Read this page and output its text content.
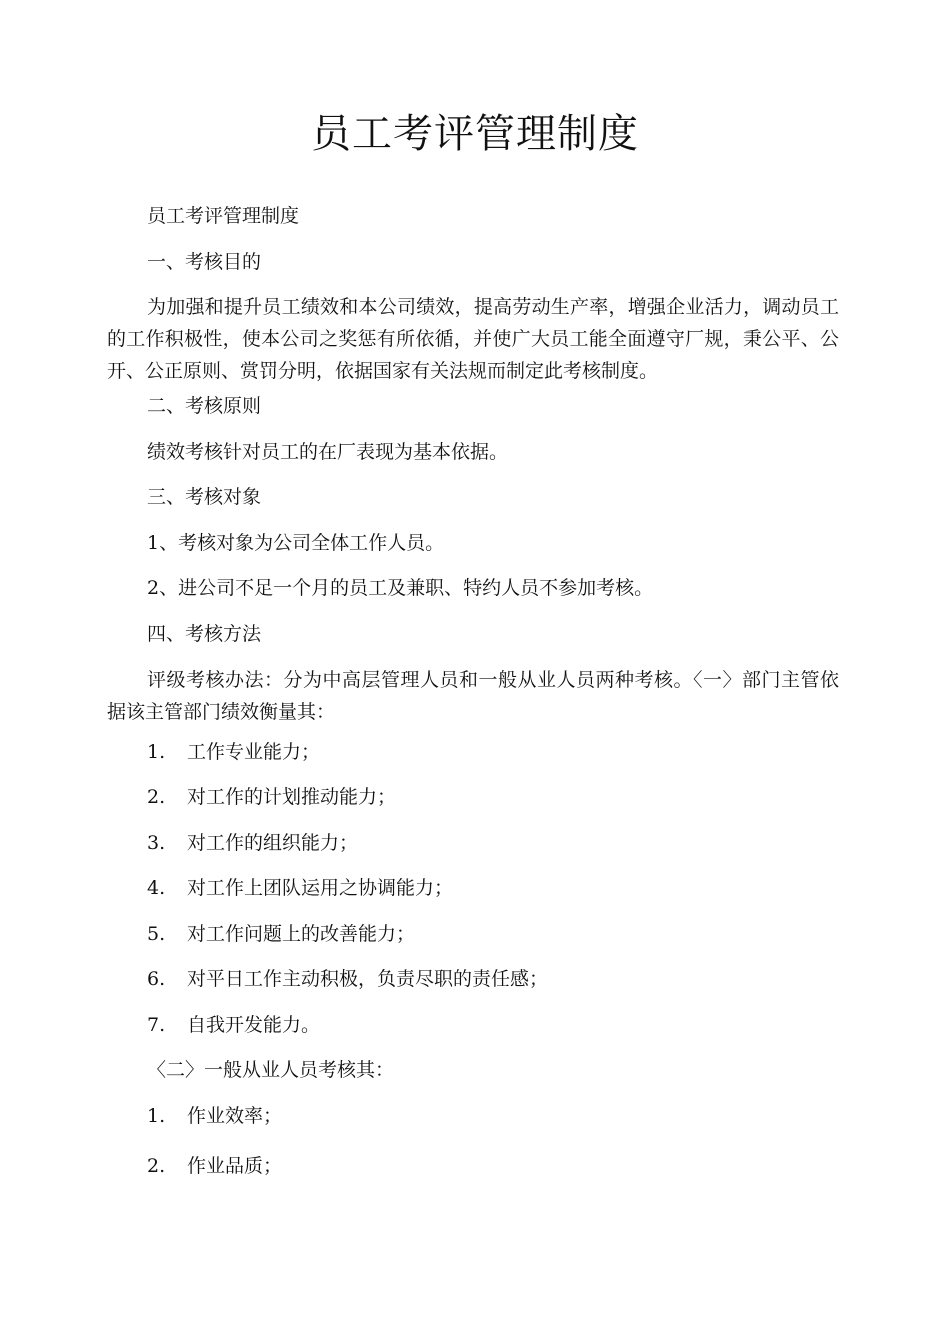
员工考评管理制度
员工考评管理制度
一、考核目的
为加强和提升员工绩效和本公司绩效，提高劳动生产率，增强企业活力，调动员工的工作积极性，使本公司之奖惩有所依循，并使广大员工能全面遵守厂规，秉公平、公开、公正原则、赏罚分明，依据国家有关法规而制定此考核制度。
二、考核原则
绩效考核针对员工的在厂表现为基本依据。
三、考核对象
1、考核对象为公司全体工作人员。
2、进公司不足一个月的员工及兼职、特约人员不参加考核。
四、考核方法
评级考核办法：分为中高层管理人员和一般从业人员两种考核。〈一〉部门主管依据该主管部门绩效衡量其：
1. 工作专业能力；
2. 对工作的计划推动能力；
3. 对工作的组织能力；
4. 对工作上团队运用之协调能力；
5. 对工作问题上的改善能力；
6. 对平日工作主动积极，负责尽职的责任感；
7. 自我开发能力。
〈二〉一般从业人员考核其：
1. 作业效率；
2. 作业品质；
